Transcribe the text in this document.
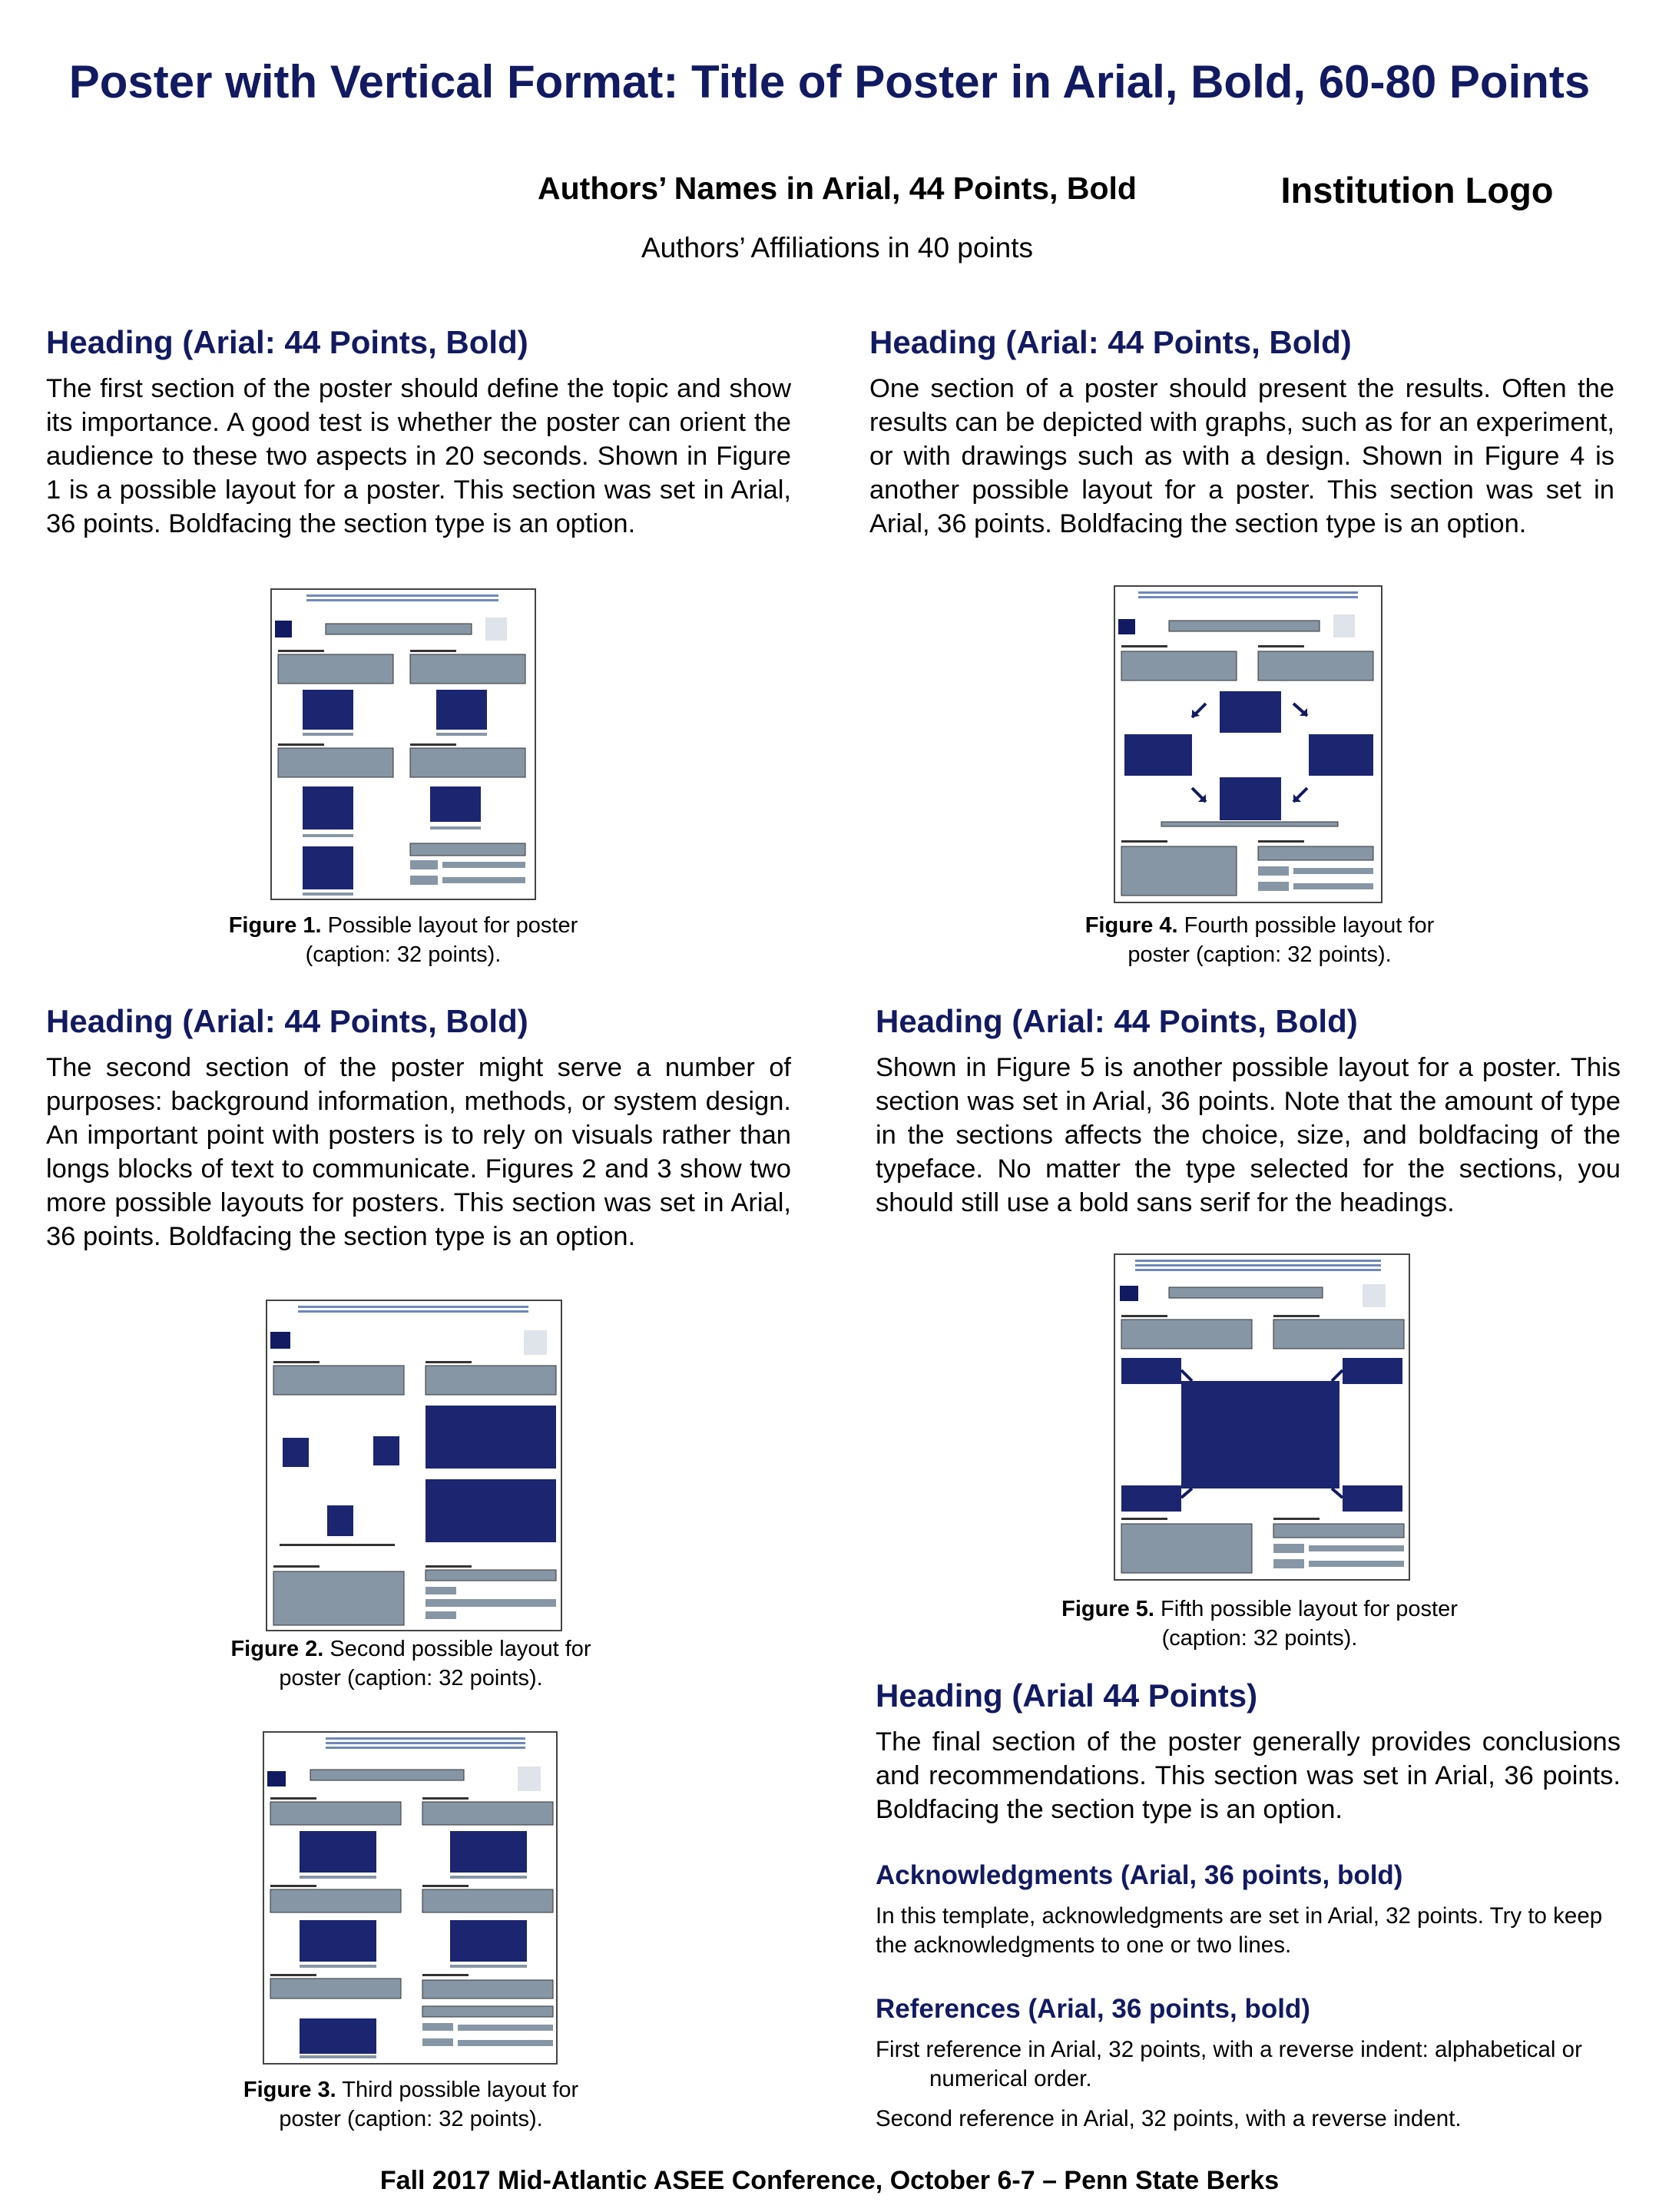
Poster with Vertical Format: Title of Poster in Arial, Bold, 60-80 Points
Authors’ Names in Arial, 44 Points, Bold
Authors’ Affiliations in 40 points
Institution Logo
Heading (Arial: 44 Points, Bold)
The first section of the poster should define the topic and show its importance. A good test is whether the poster can orient the audience to these two aspects in 20 seconds. Shown in Figure 1 is a possible layout for a poster. This section was set in Arial, 36 points. Boldfacing the section type is an option.
Figure 1. Possible layout for poster (caption: 32 points).
Heading (Arial: 44 Points, Bold)
The second section of the poster might serve a number of purposes: background information, methods, or system design. An important point with posters is to rely on visuals rather than longs blocks of text to communicate. Figures 2 and 3 show two more possible layouts for posters. This section was set in Arial, 36 points. Boldfacing the section type is an option.
Figure 2. Second possible layout for poster (caption: 32 points).
Figure 3. Third possible layout for poster (caption: 32 points).
Heading (Arial: 44 Points, Bold)
One section of a poster should present the results. Often the results can be depicted with graphs, such as for an experiment, or with drawings such as with a design. Shown in Figure 4 is another possible layout for a poster. This section was set in Arial, 36 points. Boldfacing the section type is an option.
Figure 4. Fourth possible layout for poster (caption: 32 points).
Heading (Arial: 44 Points, Bold)
Shown in Figure 5 is another possible layout for a poster. This section was set in Arial, 36 points. Note that the amount of type in the sections affects the choice, size, and boldfacing of the typeface. No matter the type selected for the sections, you should still use a bold sans serif for the headings.
Figure 5. Fifth possible layout for poster (caption: 32 points).
Heading (Arial 44 Points)
The final section of the poster generally provides conclusions and recommendations. This section was set in Arial, 36 points. Boldfacing the section type is an option.
Acknowledgments (Arial, 36 points, bold)
In this template, acknowledgments are set in Arial, 32 points. Try to keep the acknowledgments to one or two lines.
References (Arial, 36 points, bold)
First reference in Arial, 32 points, with a reverse indent: alphabetical or numerical order.
Second reference in Arial, 32 points, with a reverse indent.
Fall 2017 Mid-Atlantic ASEE Conference, October 6-7 – Penn State Berks
